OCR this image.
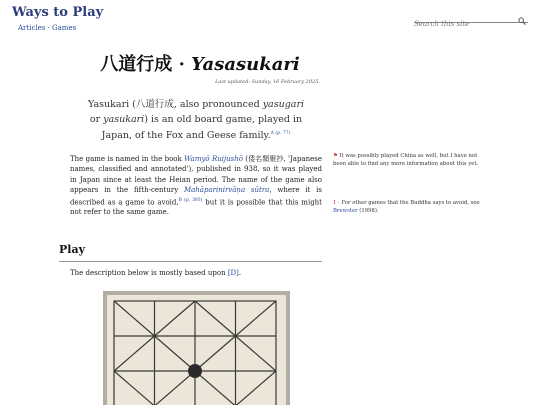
Ways to Play
Articles · Games
Search this site
八道行成 · Yasasukari
Last updated: Sunday, 16 February 2025.
Yasukari (八道行成, also pronounced yasugari or yasukari) is an old board game, played in Japan, of the Fox and Geese family.$^{A (p. 77)}$
The game is named in the book Wamyō Ruijushō (倭名類聚抄, 'Japanese names, classified and annotated'), published in 938, so it was played in Japan since at least the Heian period. The name of the game also appears in the fifth-century Mahāparinirvāṇa sūtra, where it is described as a game to avoid,$^{B (p. 393)}$ but it is possible that this might not refer to the same game.
⚑ It was possibly played China as well, but I have not been able to find any more information about this yet.
1 · For other games that the Buddha says to avoid, see Brewster (1998).
Play
The description below is mostly based upon [D].
